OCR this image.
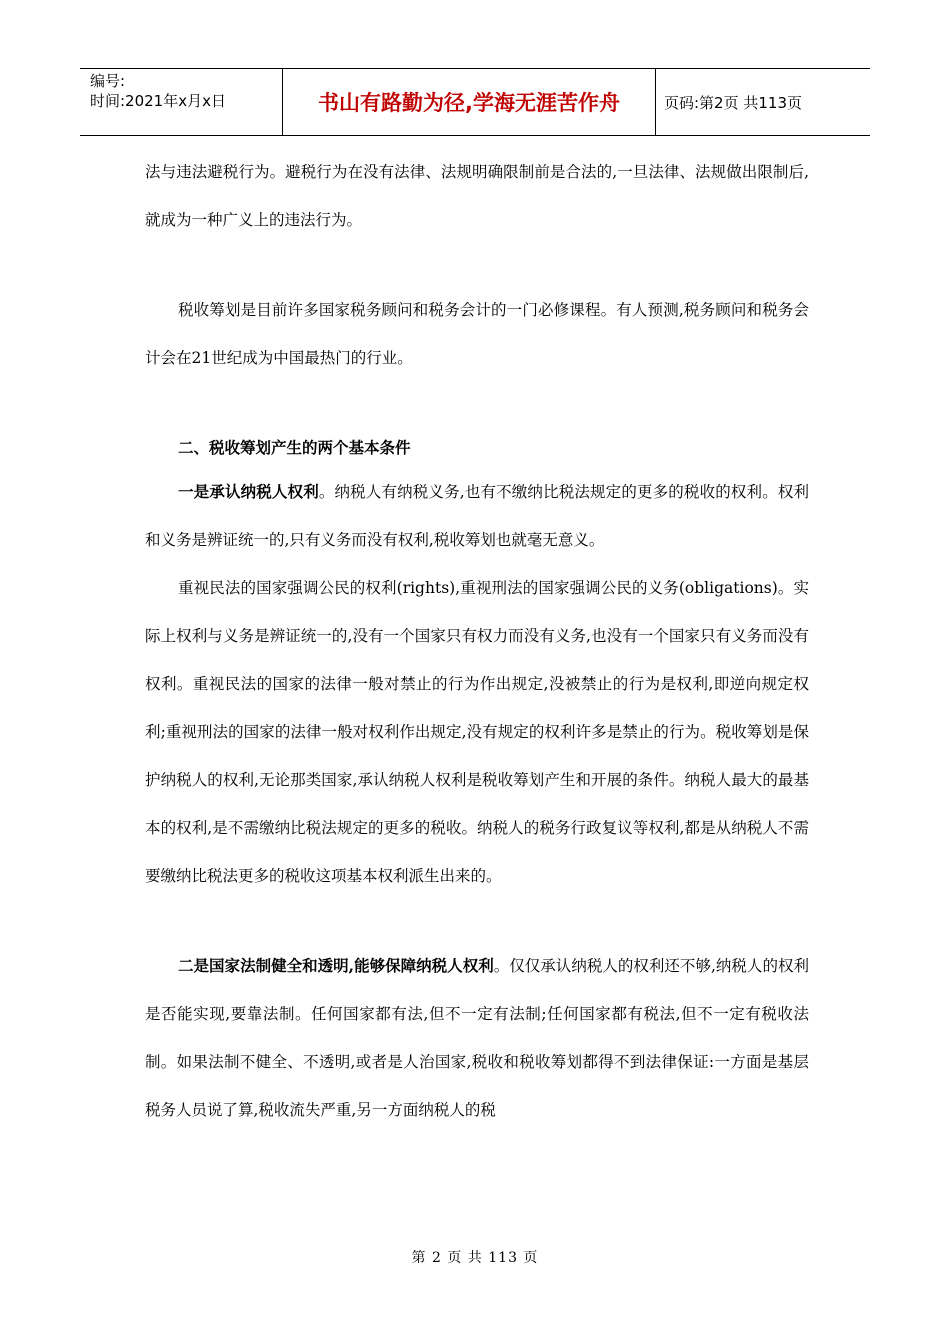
编号:
时间:2021年x月x日	书山有路勤为径,学海无涯苦作舟	页码:第2页 共113页

法与违法避税行为。避税行为在没有法律、法规明确限制前是合法的,一旦法律、法规做出限制后,就成为一种广义上的违法行为。

税收筹划是目前许多国家税务顾问和税务会计的一门必修课程。有人预测,税务顾问和税务会计会在21世纪成为中国最热门的行业。

二、税收筹划产生的两个基本条件

一是承认纳税人权利。纳税人有纳税义务,也有不缴纳比税法规定的更多的税收的权利。权利和义务是辨证统一的,只有义务而没有权利,税收筹划也就毫无意义。

重视民法的国家强调公民的权利(rights),重视刑法的国家强调公民的义务(obligations)。实际上权利与义务是辨证统一的,没有一个国家只有权力而没有义务,也没有一个国家只有义务而没有权利。重视民法的国家的法律一般对禁止的行为作出规定,没被禁止的行为是权利,即逆向规定权利;重视刑法的国家的法律一般对权利作出规定,没有规定的权利许多是禁止的行为。税收筹划是保护纳税人的权利,无论那类国家,承认纳税人权利是税收筹划产生和开展的条件。纳税人最大的最基本的权利,是不需缴纳比税法规定的更多的税收。纳税人的税务行政复议等权利,都是从纳税人不需要缴纳比税法更多的税收这项基本权利派生出来的。

二是国家法制健全和透明,能够保障纳税人权利。仅仅承认纳税人的权利还不够,纳税人的权利是否能实现,要靠法制。任何国家都有法,但不一定有法制;任何国家都有税法,但不一定有税收法制。如果法制不健全、不透明,或者是人治国家,税收和税收筹划都得不到法律保证:一方面是基层税务人员说了算,税收流失严重,另一方面纳税人的税

第 2 页 共 113 页
